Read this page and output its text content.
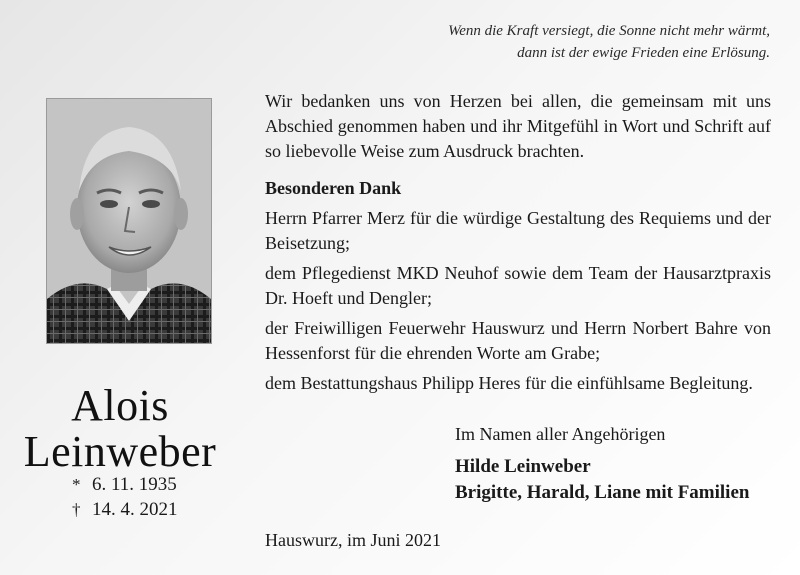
Wenn die Kraft versiegt, die Sonne nicht mehr wärmt,
dann ist der ewige Frieden eine Erlösung.
Alois
Leinweber
* 6. 11. 1935
† 14. 4. 2021

Wir bedanken uns von Herzen bei allen, die gemeinsam mit uns Abschied genommen haben und ihr Mitgefühl in Wort und Schrift auf so liebevolle Weise zum Ausdruck brachten.

Besonderen Dank

Herrn Pfarrer Merz für die würdige Gestaltung des Requiems und der Beisetzung;

dem Pflegedienst MKD Neuhof sowie dem Team der Hausarztpraxis Dr. Hoeft und Dengler;

der Freiwilligen Feuerwehr Hauswurz und Herrn Norbert Bahre von Hessenforst für die ehrenden Worte am Grabe;

dem Bestattungshaus Philipp Heres für die einfühlsame Begleitung.

Im Namen aller Angehörigen
Hilde Leinweber
Brigitte, Harald, Liane mit Familien
Hauswurz, im Juni 2021
